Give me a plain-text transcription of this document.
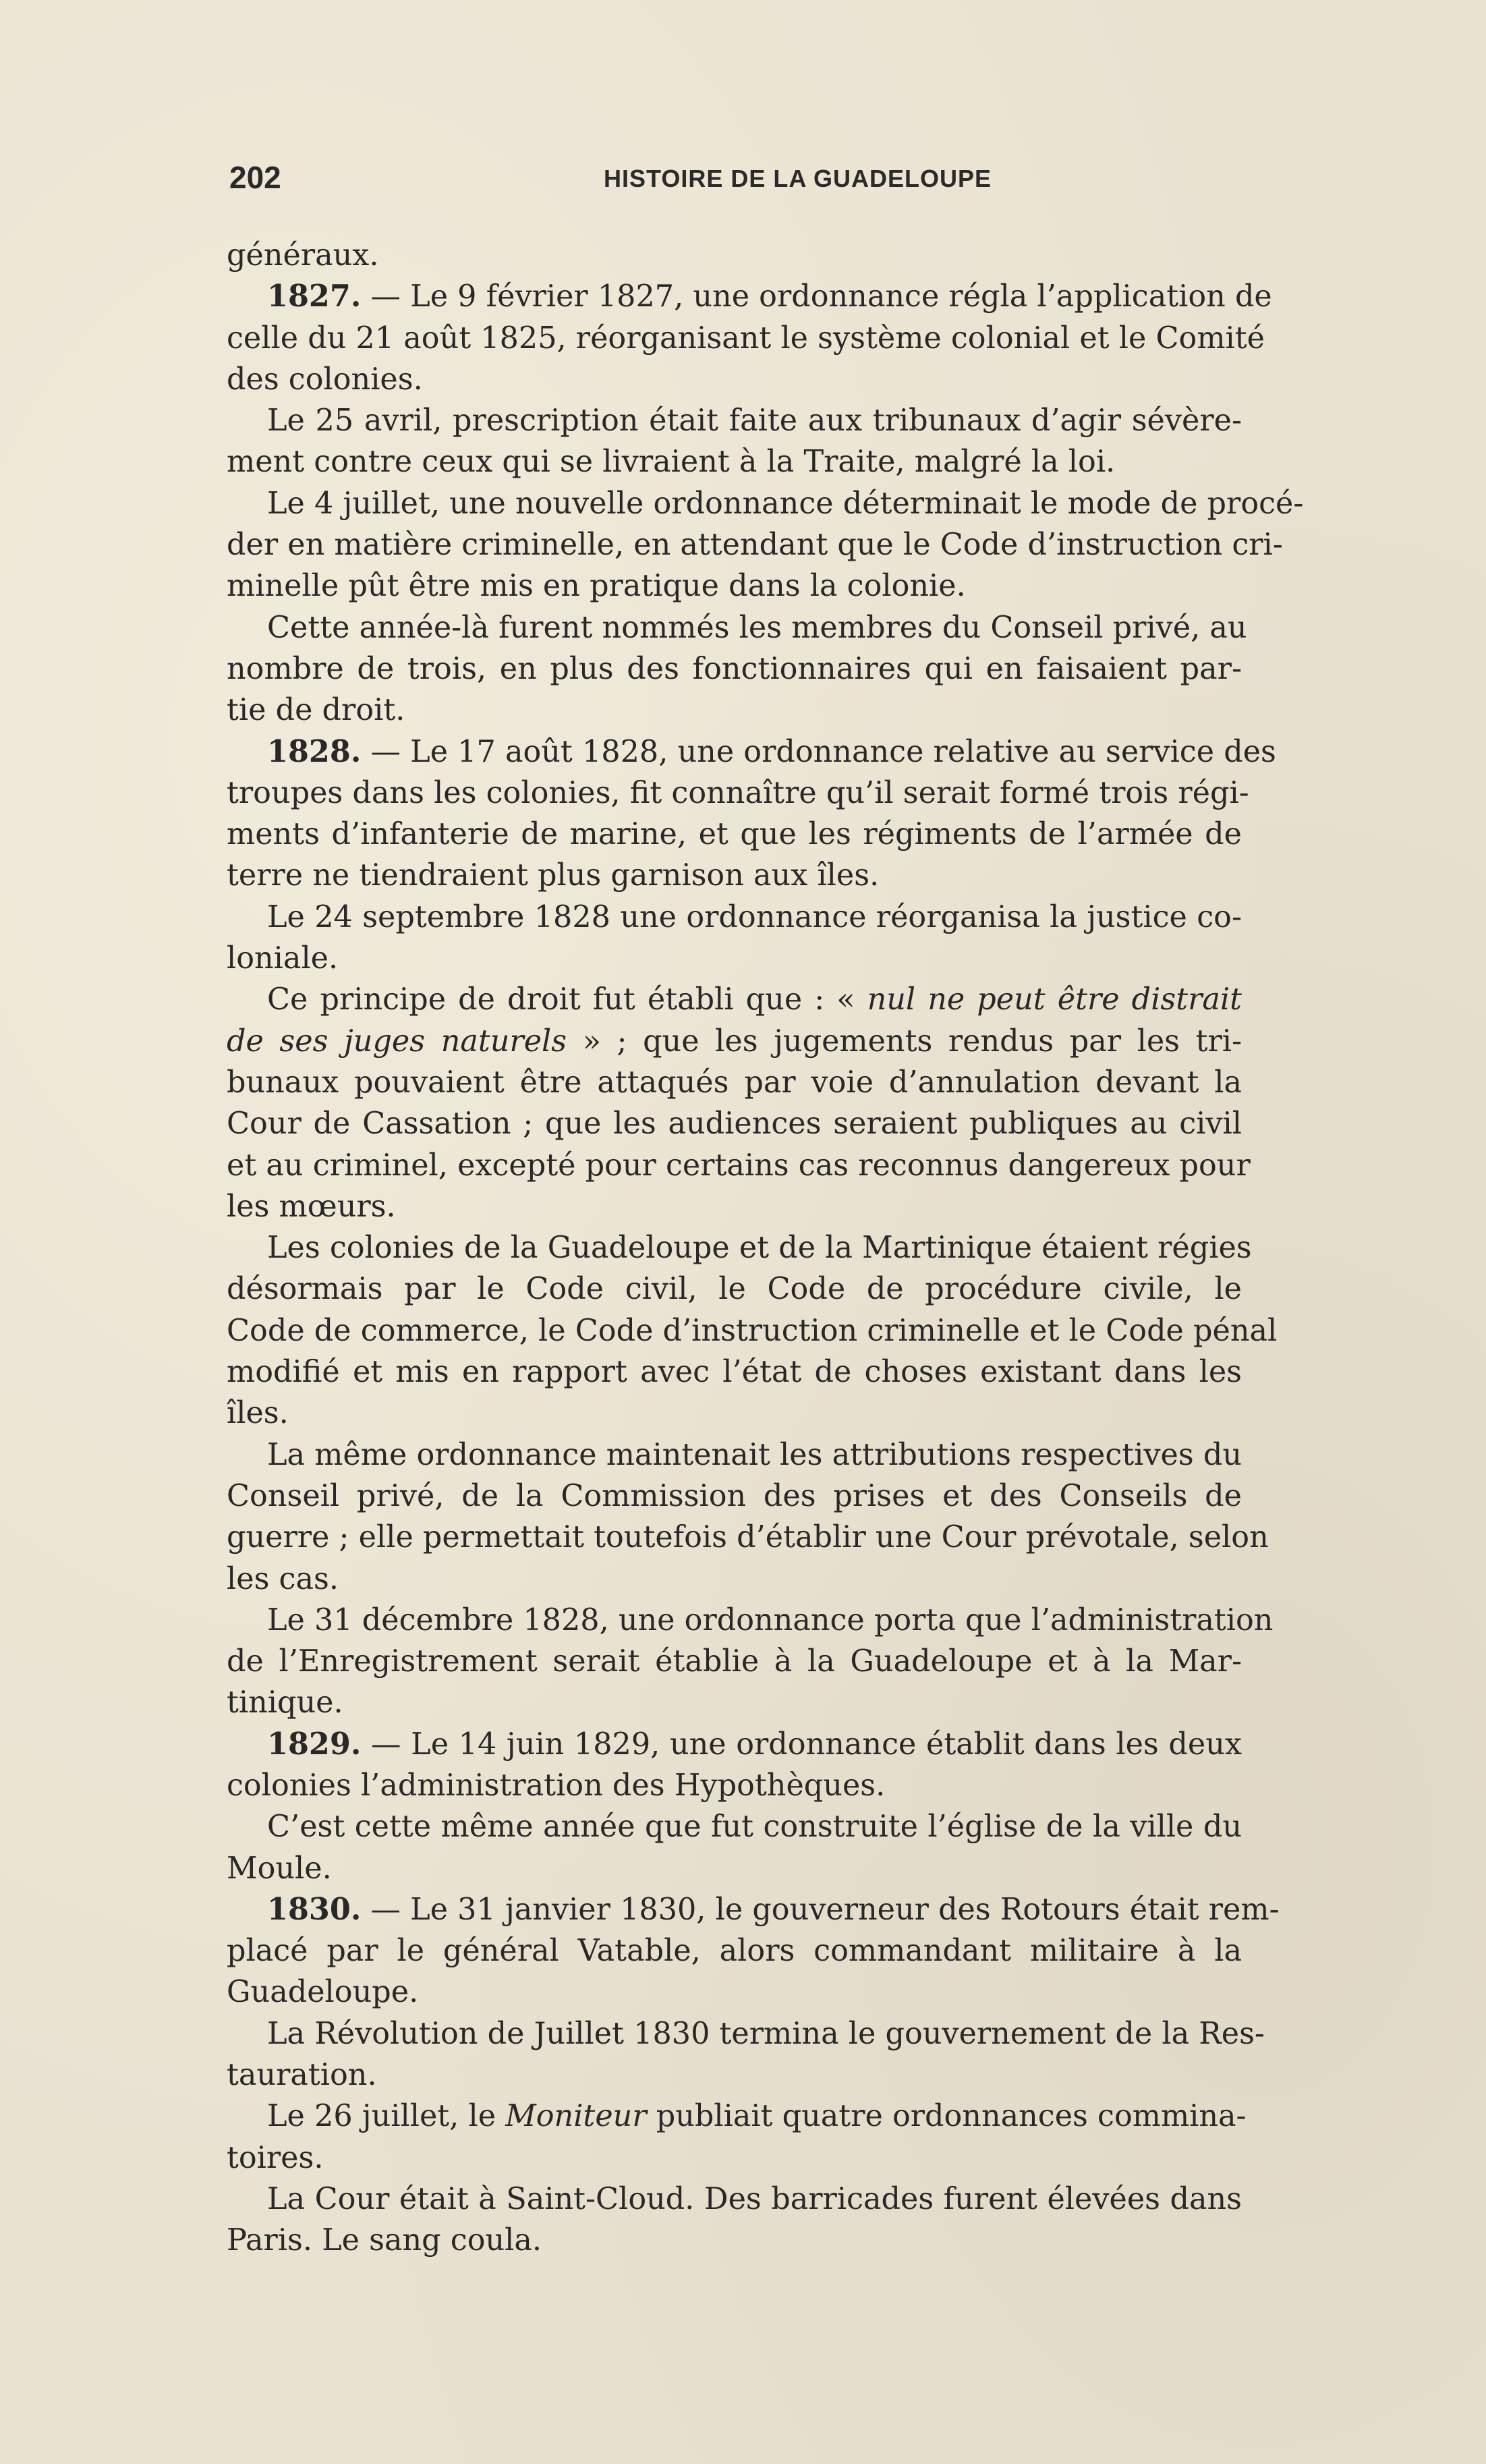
202	HISTOIRE DE LA GUADELOUPE
généraux.
1827. — Le 9 février 1827, une ordonnance régla l’application de
celle du 21 août 1825, réorganisant le système colonial et le Comité
des colonies.
Le 25 avril, prescription était faite aux tribunaux d’agir sévère-
ment contre ceux qui se livraient à la Traite, malgré la loi.
Le 4 juillet, une nouvelle ordonnance déterminait le mode de procé-
der en matière criminelle, en attendant que le Code d’instruction cri-
minelle pût être mis en pratique dans la colonie.
Cette année-là furent nommés les membres du Conseil privé, au
nombre de trois, en plus des fonctionnaires qui en faisaient par-
tie de droit.
1828. — Le 17 août 1828, une ordonnance relative au service des
troupes dans les colonies, fit connaître qu’il serait formé trois régi-
ments d’infanterie de marine, et que les régiments de l’armée de
terre ne tiendraient plus garnison aux îles.
Le 24 septembre 1828 une ordonnance réorganisa la justice co-
loniale.
Ce principe de droit fut établi que : « nul ne peut être distrait
de ses juges naturels » ; que les jugements rendus par les tri-
bunaux pouvaient être attaqués par voie d’annulation devant la
Cour de Cassation ; que les audiences seraient publiques au civil
et au criminel, excepté pour certains cas reconnus dangereux pour
les mœurs.
Les colonies de la Guadeloupe et de la Martinique étaient régies
désormais par le Code civil, le Code de procédure civile, le
Code de commerce, le Code d’instruction criminelle et le Code pénal
modifié et mis en rapport avec l’état de choses existant dans les
îles.
La même ordonnance maintenait les attributions respectives du
Conseil privé, de la Commission des prises et des Conseils de
guerre ; elle permettait toutefois d’établir une Cour prévotale, selon
les cas.
Le 31 décembre 1828, une ordonnance porta que l’administration
de l’Enregistrement serait établie à la Guadeloupe et à la Mar-
tinique.
1829. — Le 14 juin 1829, une ordonnance établit dans les deux
colonies l’administration des Hypothèques.
C’est cette même année que fut construite l’église de la ville du
Moule.
1830. — Le 31 janvier 1830, le gouverneur des Rotours était rem-
placé par le général Vatable, alors commandant militaire à la
Guadeloupe.
La Révolution de Juillet 1830 termina le gouvernement de la Res-
tauration.
Le 26 juillet, le Moniteur publiait quatre ordonnances commina-
toires.
La Cour était à Saint-Cloud. Des barricades furent élevées dans
Paris. Le sang coula.
